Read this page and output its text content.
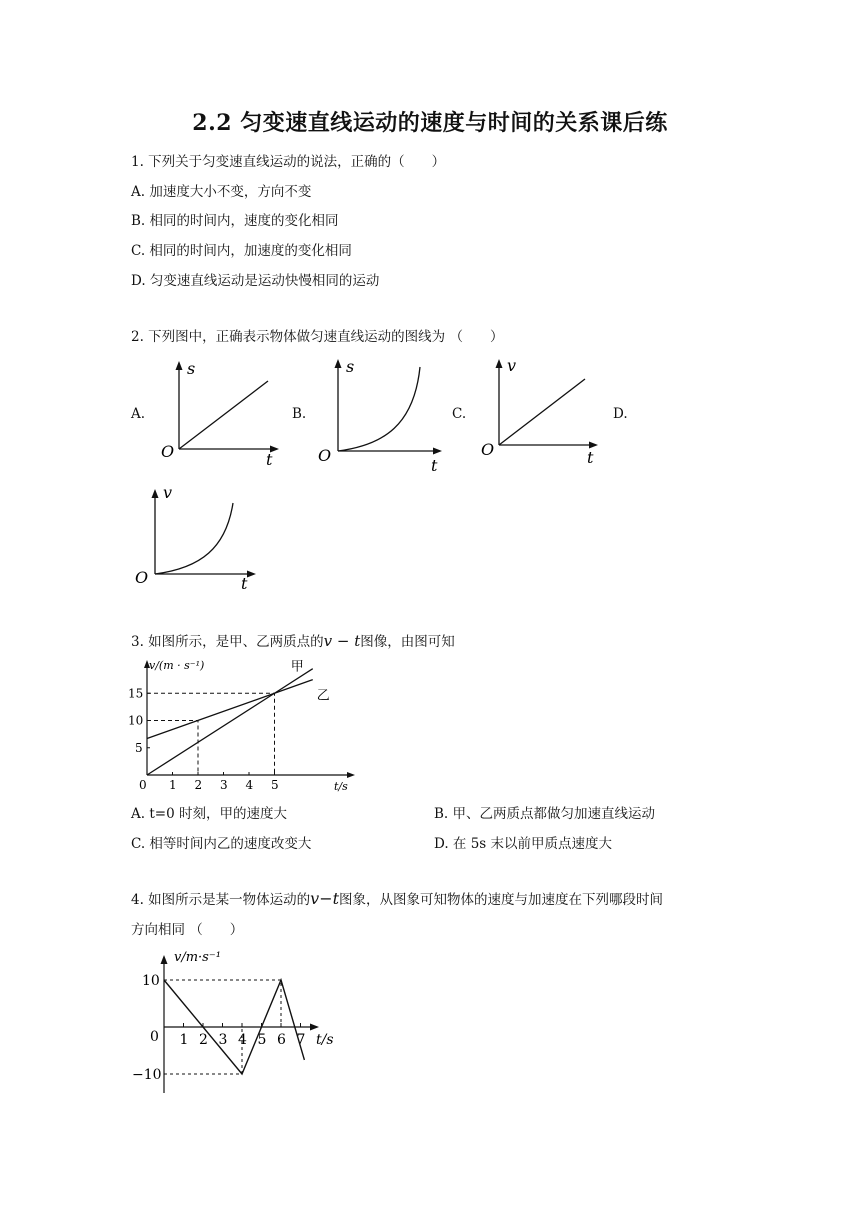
2.2 匀变速直线运动的速度与时间的关系课后练
1. 下列关于匀变速直线运动的说法，正确的（　　）
A. 加速度大小不变，方向不变
B. 相同的时间内，速度的变化相同
C. 相同的时间内，加速度的变化相同
D. 匀变速直线运动是运动快慢相同的运动
2. 下列图中，正确表示物体做匀速直线运动的图线为 （　　）
A.	B.	C.	D.
s
t
O
s
t
O
v
t
O
v
t
O
3. 如图所示，是甲、乙两质点的v − t图像，由图可知
v/(m · s⁻¹)
t/s
0 1 2 3 4 5
5
10
15
甲
乙
A. t=0 时刻，甲的速度大	B. 甲、乙两质点都做匀加速直线运动
C. 相等时间内乙的速度改变大	D. 在 5s 末以前甲质点速度大
4. 如图所示是某一物体运动的v−t图象，从图象可知物体的速度与加速度在下列哪段时间
方向相同 （　　）
v/m·s⁻¹
t/s
1 2 3 4 5 6 7
10
0
−10
